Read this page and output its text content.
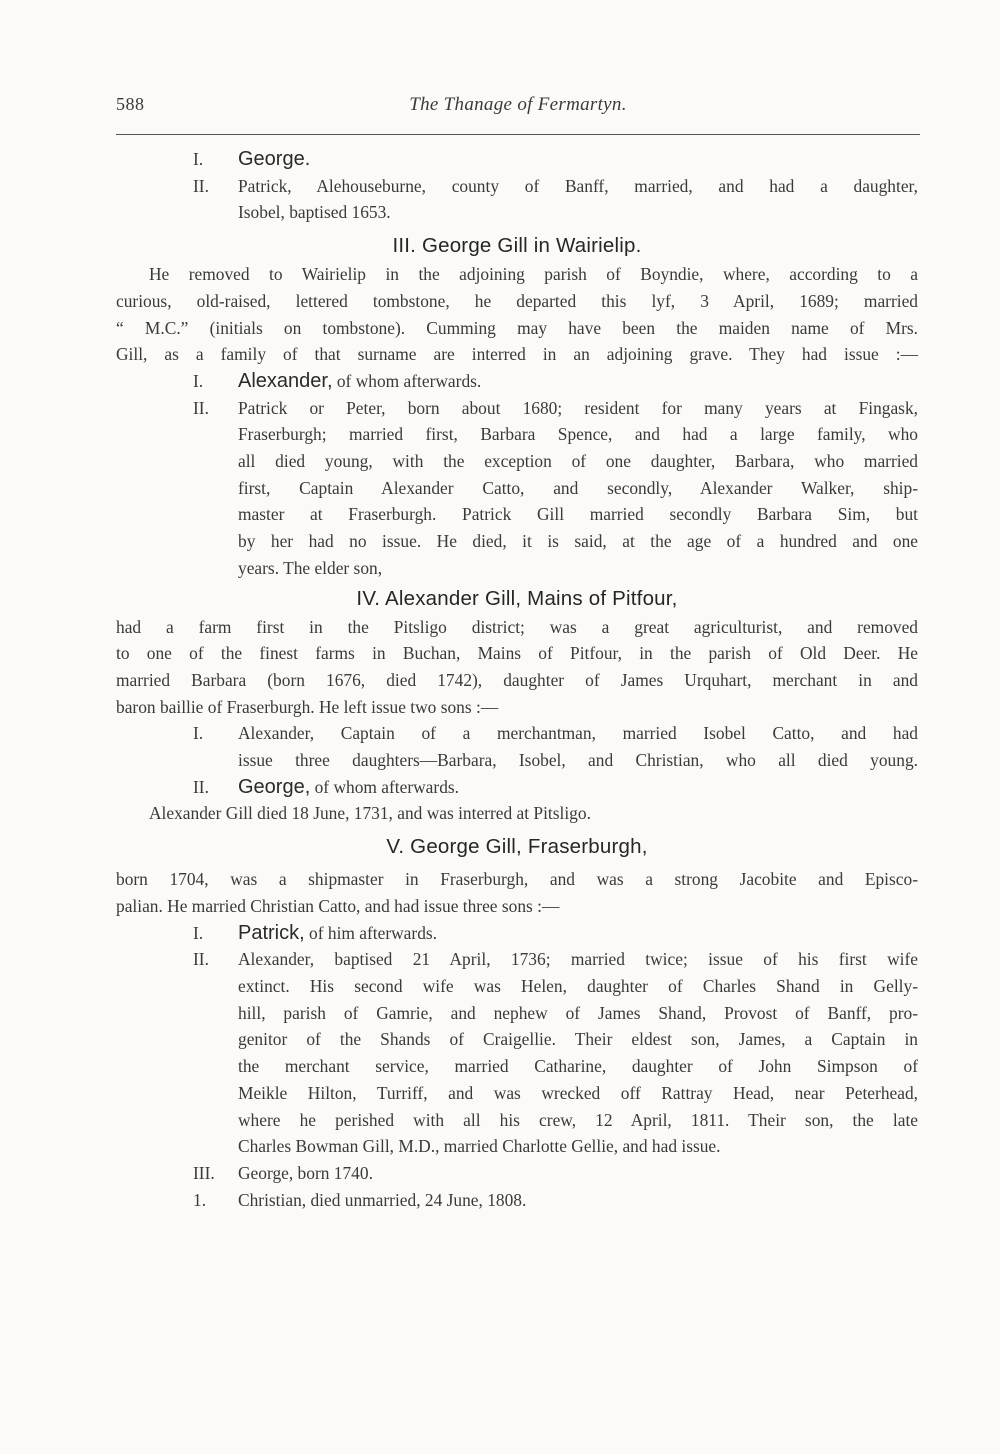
588	The Thanage of Fermartyn.
I. George.
II. Patrick, Alehouseburne, county of Banff, married, and had a daughter,
Isobel, baptised 1653.
III. George Gill in Wairielip.
He removed to Wairielip in the adjoining parish of Boyndie, where, according to a
curious, old-raised, lettered tombstone, he departed this lyf, 3 April, 1689; married
“ M.C.” (initials on tombstone). Cumming may have been the maiden name of Mrs.
Gill, as a family of that surname are interred in an adjoining grave. They had issue :—
I. Alexander, of whom afterwards.
II. Patrick or Peter, born about 1680; resident for many years at Fingask,
Fraserburgh; married first, Barbara Spence, and had a large family, who
all died young, with the exception of one daughter, Barbara, who married
first, Captain Alexander Catto, and secondly, Alexander Walker, ship-
master at Fraserburgh. Patrick Gill married secondly Barbara Sim, but
by her had no issue. He died, it is said, at the age of a hundred and one
years. The elder son,
IV. Alexander Gill, Mains of Pitfour,
had a farm first in the Pitsligo district; was a great agriculturist, and removed
to one of the finest farms in Buchan, Mains of Pitfour, in the parish of Old Deer. He
married Barbara (born 1676, died 1742), daughter of James Urquhart, merchant in and
baron baillie of Fraserburgh. He left issue two sons :—
I. Alexander, Captain of a merchantman, married Isobel Catto, and had
issue three daughters—Barbara, Isobel, and Christian, who all died young.
II. George, of whom afterwards.
Alexander Gill died 18 June, 1731, and was interred at Pitsligo.
V. George Gill, Fraserburgh,
born 1704, was a shipmaster in Fraserburgh, and was a strong Jacobite and Episco-
palian. He married Christian Catto, and had issue three sons :—
I. Patrick, of him afterwards.
II. Alexander, baptised 21 April, 1736; married twice; issue of his first wife
extinct. His second wife was Helen, daughter of Charles Shand in Gelly-
hill, parish of Gamrie, and nephew of James Shand, Provost of Banff, pro-
genitor of the Shands of Craigellie. Their eldest son, James, a Captain in
the merchant service, married Catharine, daughter of John Simpson of
Meikle Hilton, Turriff, and was wrecked off Rattray Head, near Peterhead,
where he perished with all his crew, 12 April, 1811. Their son, the late
Charles Bowman Gill, M.D., married Charlotte Gellie, and had issue.
III. George, born 1740.
1. Christian, died unmarried, 24 June, 1808.
